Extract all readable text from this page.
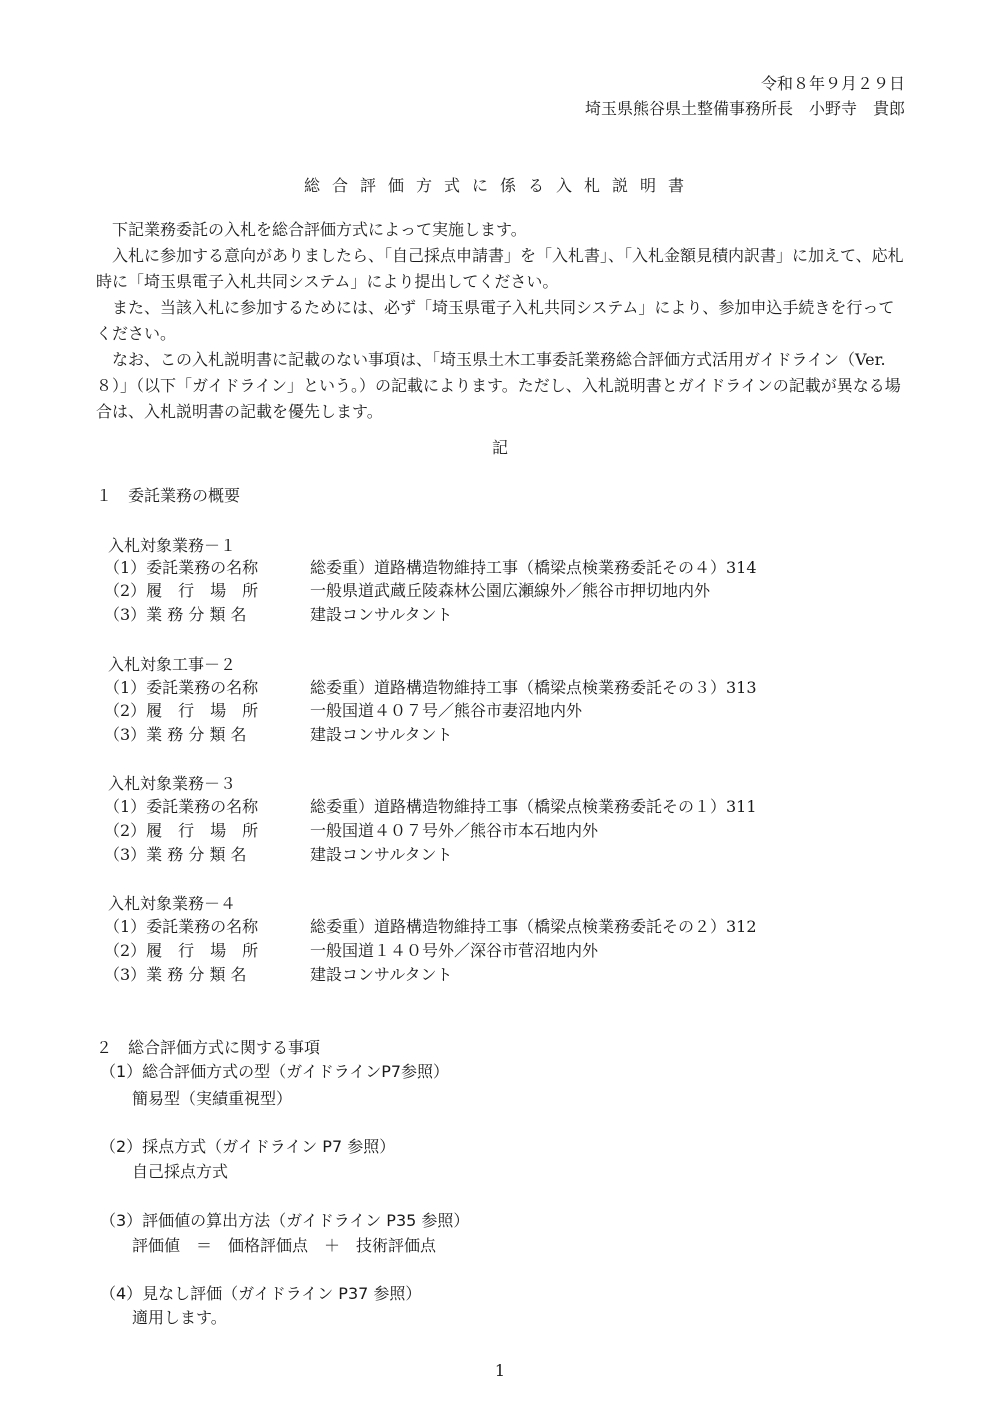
令和８年９月２９日
埼玉県熊谷県土整備事務所長　小野寺　貴郎
総合評価方式に係る入札説明書

下記業務委託の入札を総合評価方式によって実施します。

入札に参加する意向がありましたら、「自己採点申請書」を「入札書」、「入札金額見積内訳書」に加えて、応札時に「埼玉県電子入札共同システム」により提出してください。

また、当該入札に参加するためには、必ず「埼玉県電子入札共同システム」により、参加申込手続きを行ってください。

なお、この入札説明書に記載のない事項は、「埼玉県土木工事委託業務総合評価方式活用ガイドライン（Ver.８）」（以下「ガイドライン」という。）の記載によります。ただし、入札説明書とガイドラインの記載が異なる場合は、入札説明書の記載を優先します。

記
１　委託業務の概要
入札対象業務－１
（1）委託業務の名称	総委重）道路構造物維持工事（橋梁点検業務委託その４）314
（2）履　行　場　所	一般県道武蔵丘陵森林公園広瀬線外／熊谷市押切地内外
（3）業 務 分 類 名	建設コンサルタント
入札対象工事－２
（1）委託業務の名称	総委重）道路構造物維持工事（橋梁点検業務委託その３）313
（2）履　行　場　所	一般国道４０７号／熊谷市妻沼地内外
（3）業 務 分 類 名	建設コンサルタント
入札対象業務－３
（1）委託業務の名称	総委重）道路構造物維持工事（橋梁点検業務委託その１）311
（2）履　行　場　所	一般国道４０７号外／熊谷市本石地内外
（3）業 務 分 類 名	建設コンサルタント
入札対象業務－４
（1）委託業務の名称	総委重）道路構造物維持工事（橋梁点検業務委託その２）312
（2）履　行　場　所	一般国道１４０号外／深谷市菅沼地内外
（3）業 務 分 類 名	建設コンサルタント
２　総合評価方式に関する事項
（1）総合評価方式の型（ガイドラインP7参照）
簡易型（実績重視型）
（2）採点方式（ガイドライン P7 参照）
自己採点方式
（3）評価値の算出方法（ガイドライン P35 参照）
評価値　＝　価格評価点　＋　技術評価点
（4）見なし評価（ガイドライン P37 参照）
適用します。
1
